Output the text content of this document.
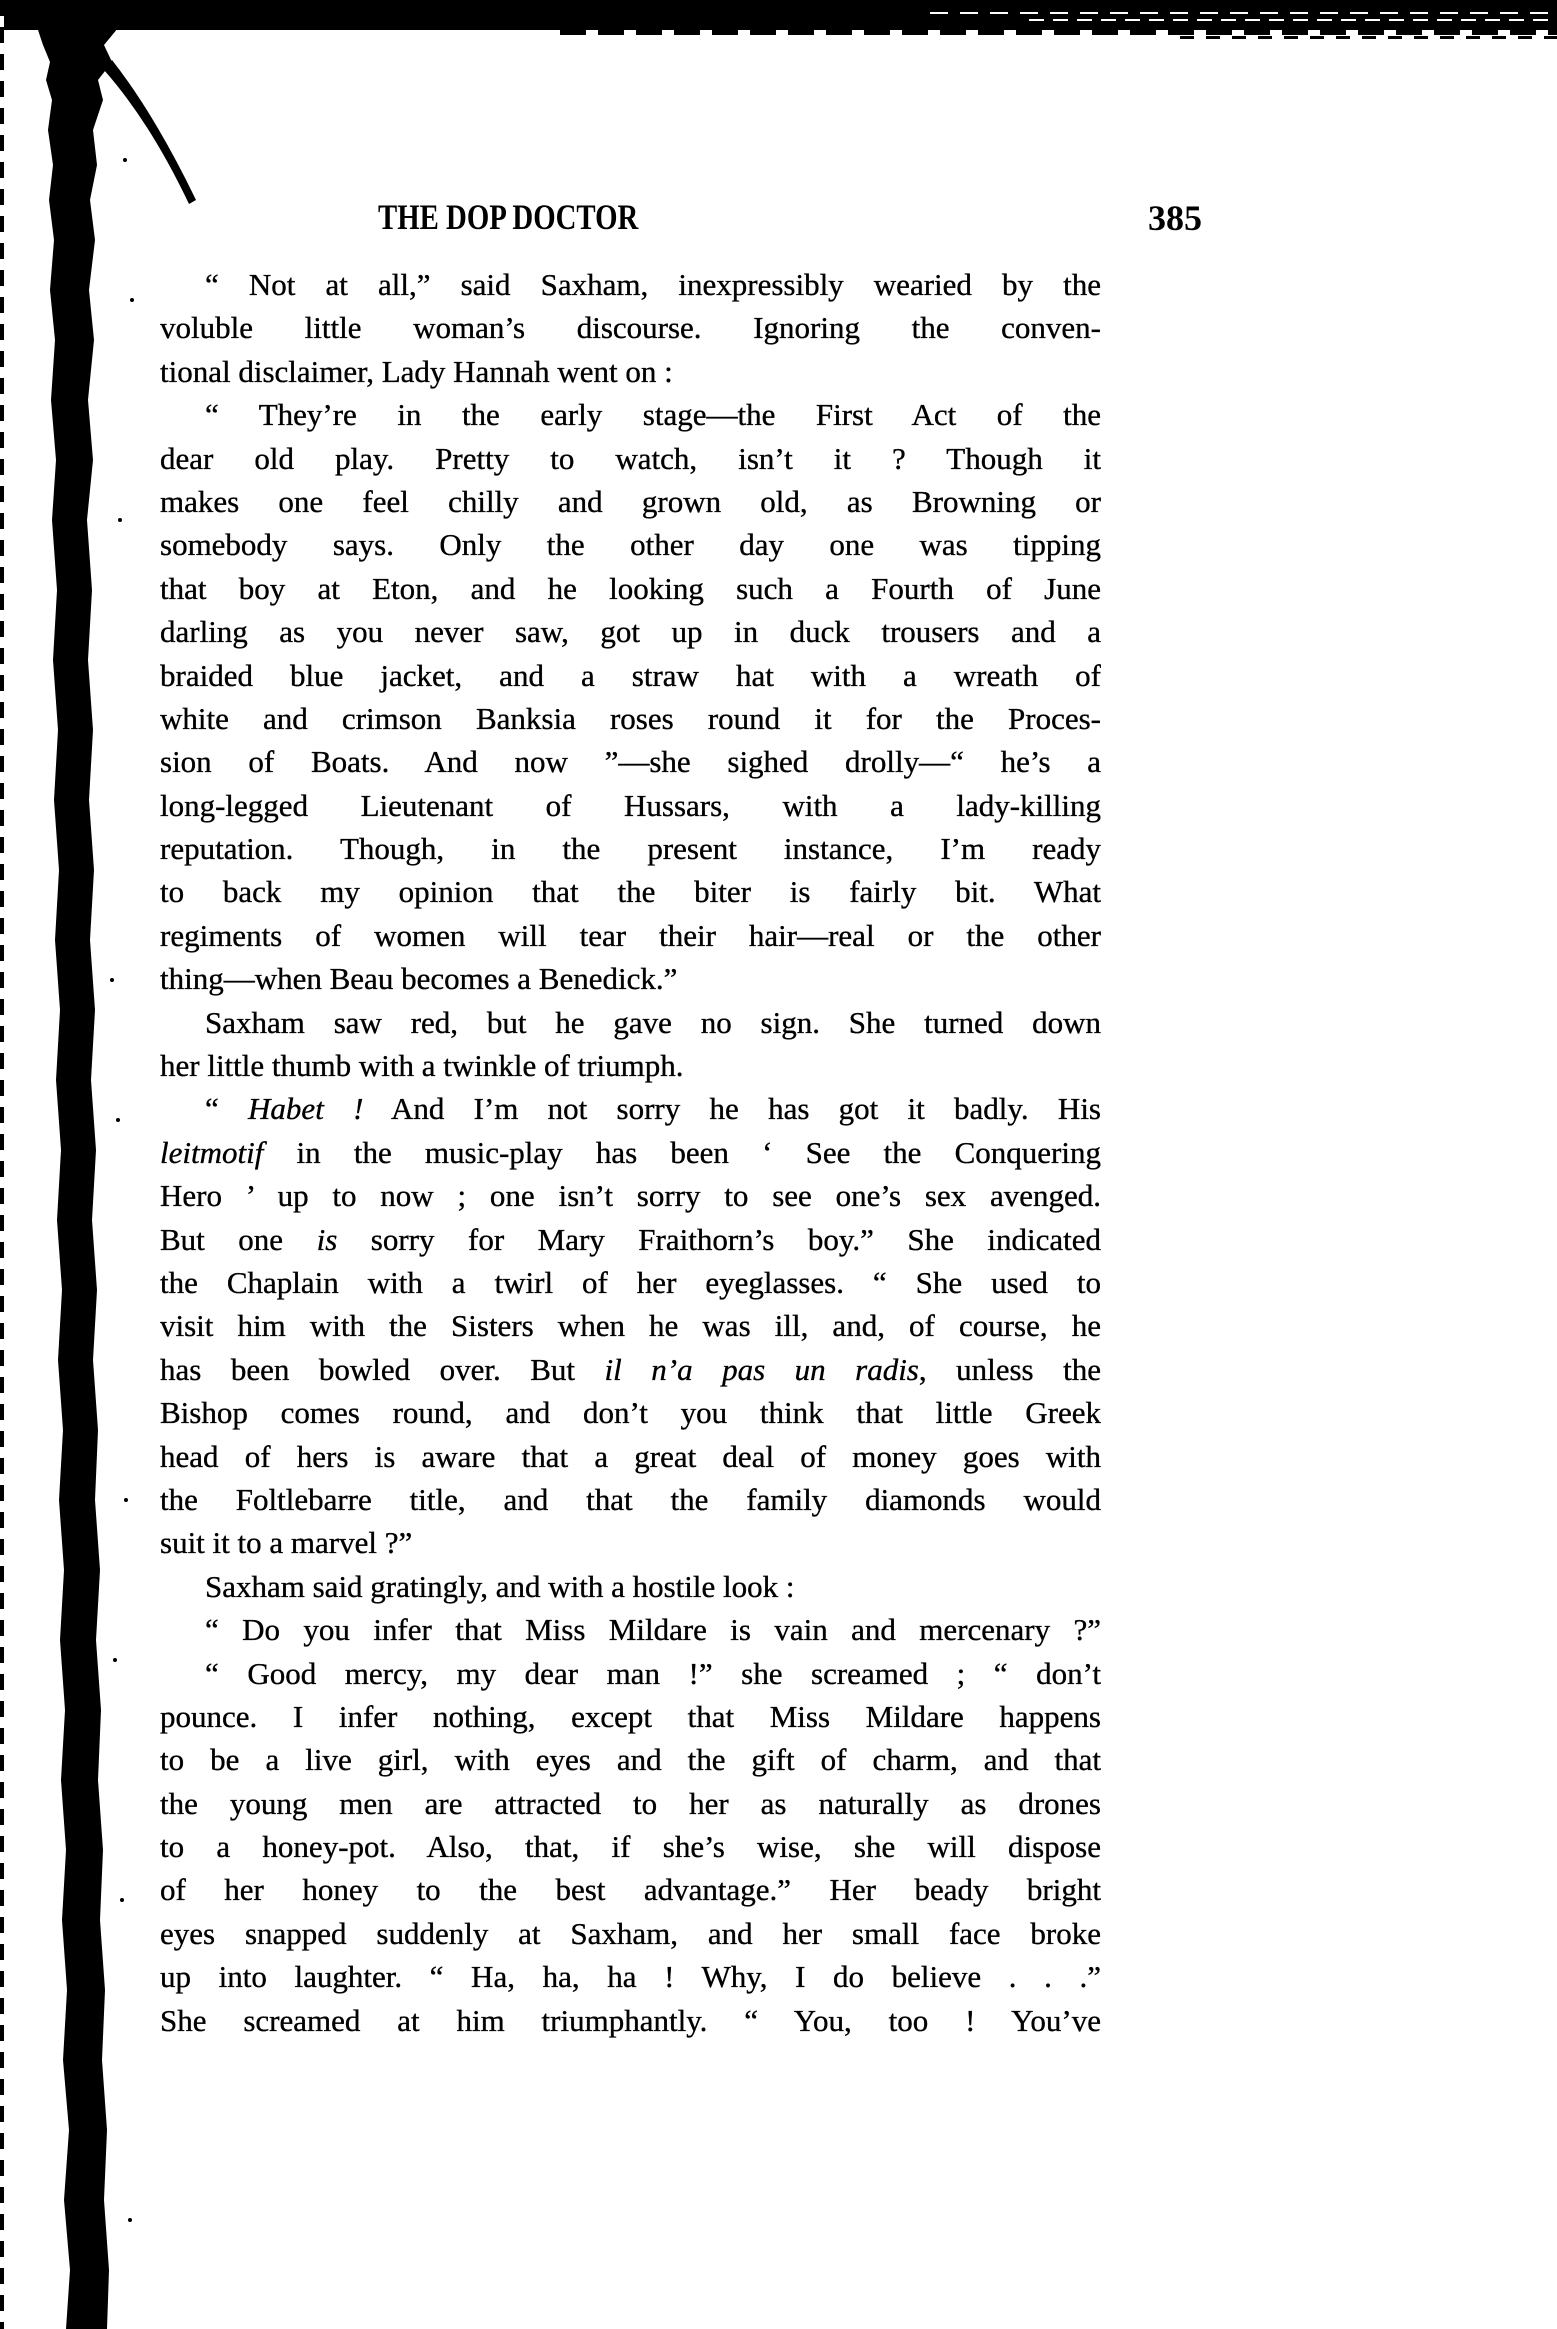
THE DOP DOCTOR	385
“ Not at all,” said Saxham, inexpressibly wearied by the
voluble little woman’s discourse. Ignoring the conven-
tional disclaimer, Lady Hannah went on :
“ They’re in the early stage—the First Act of the
dear old play. Pretty to watch, isn’t it ? Though it
makes one feel chilly and grown old, as Browning or
somebody says. Only the other day one was tipping
that boy at Eton, and he looking such a Fourth of June
darling as you never saw, got up in duck trousers and a
braided blue jacket, and a straw hat with a wreath of
white and crimson Banksia roses round it for the Proces-
sion of Boats. And now ”—she sighed drolly—“ he’s a
long-legged Lieutenant of Hussars, with a lady-killing
reputation. Though, in the present instance, I’m ready
to back my opinion that the biter is fairly bit. What
regiments of women will tear their hair—real or the other
thing—when Beau becomes a Benedick.”
Saxham saw red, but he gave no sign. She turned down
her little thumb with a twinkle of triumph.
“ Habet ! And I’m not sorry he has got it badly. His
leitmotif in the music-play has been ‘ See the Conquering
Hero ’ up to now ; one isn’t sorry to see one’s sex avenged.
But one is sorry for Mary Fraithorn’s boy.” She indicated
the Chaplain with a twirl of her eyeglasses. “ She used to
visit him with the Sisters when he was ill, and, of course, he
has been bowled over. But il n’a pas un radis, unless the
Bishop comes round, and don’t you think that little Greek
head of hers is aware that a great deal of money goes with
the Foltlebarre title, and that the family diamonds would
suit it to a marvel ?”
Saxham said gratingly, and with a hostile look :
“ Do you infer that Miss Mildare is vain and mercenary ?”
“ Good mercy, my dear man !” she screamed ; “ don’t
pounce. I infer nothing, except that Miss Mildare happens
to be a live girl, with eyes and the gift of charm, and that
the young men are attracted to her as naturally as drones
to a honey-pot. Also, that, if she’s wise, she will dispose
of her honey to the best advantage.” Her beady bright
eyes snapped suddenly at Saxham, and her small face broke
up into laughter. “ Ha, ha, ha ! Why, I do believe . . .”
She screamed at him triumphantly. “ You, too ! You’ve
